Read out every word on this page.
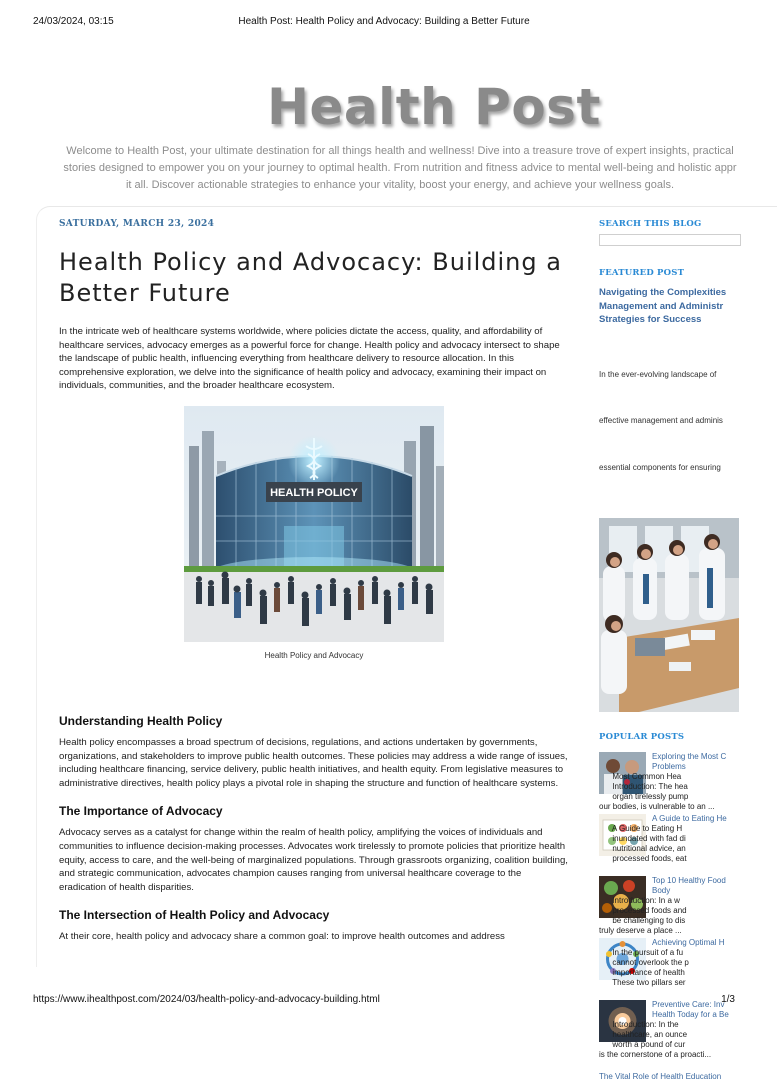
24/03/2024, 03:15	Health Post: Health Policy and Advocacy: Building a Better Future
Health Post

Welcome to Health Post, your ultimate destination for all things health and wellness! Dive into a treasure trove of expert insights, practical

stories designed to empower you on your journey to optimal health. From nutrition and fitness advice to mental well-being and holistic appr

it all. Discover actionable strategies to enhance your vitality, boost your energy, and achieve your wellness goals.

SATURDAY, MARCH 23, 2024
Health Policy and Advocacy: Building a Better Future

In the intricate web of healthcare systems worldwide, where policies dictate the access, quality, and affordability of healthcare services, advocacy emerges as a powerful force for change. Health policy and advocacy intersect to shape the landscape of public health, influencing everything from healthcare delivery to resource allocation. In this comprehensive exploration, we delve into the significance of health policy and advocacy, examining their impact on individuals, communities, and the broader healthcare ecosystem.

HEALTH POLICY
Health Policy and Advocacy
Understanding Health Policy

Health policy encompasses a broad spectrum of decisions, regulations, and actions undertaken by governments, organizations, and stakeholders to improve public health outcomes. These policies may address a wide range of issues, including healthcare financing, service delivery, public health initiatives, and health equity. From legislative measures to administrative directives, health policy plays a pivotal role in shaping the structure and function of healthcare systems.

The Importance of Advocacy

Advocacy serves as a catalyst for change within the realm of health policy, amplifying the voices of individuals and communities to influence decision-making processes. Advocates work tirelessly to promote policies that prioritize health equity, access to care, and the well-being of marginalized populations. Through grassroots organizing, coalition building, and strategic communication, advocates champion causes ranging from universal healthcare coverage to the eradication of health disparities.

The Intersection of Health Policy and Advocacy

At their core, health policy and advocacy share a common goal: to improve health outcomes and address

SEARCH THIS BLOG
FEATURED POST
Navigating the Complexities
Management and Administr
Strategies for Success

In the ever-evolving landscape of

effective management and adminis

essential components for ensuring

POPULAR POSTS
Exploring the Most C
Problems
Most Common Hea
Introduction: The hea
organ tirelessly pump
our bodies, is vulnerable to an ...
A Guide to Eating He
A Guide to Eating H
inundated with fad di
nutritional advice, an
processed foods, eat
Top 10 Healthy Food
Body
Introduction: In a w
processed foods and
be challenging to dis
truly deserve a place ...
Achieving Optimal H
In the pursuit of a fu
cannot overlook the p
importance of health
These two pillars ser
Preventive Care: Inv
Health Today for a Be
Introduction: In the
healthcare, an ounce
worth a pound of cur
is the cornerstone of a proacti...
The Vital Role of Health Education
https://www.ihealthpost.com/2024/03/health-policy-and-advocacy-building.html	1/3
